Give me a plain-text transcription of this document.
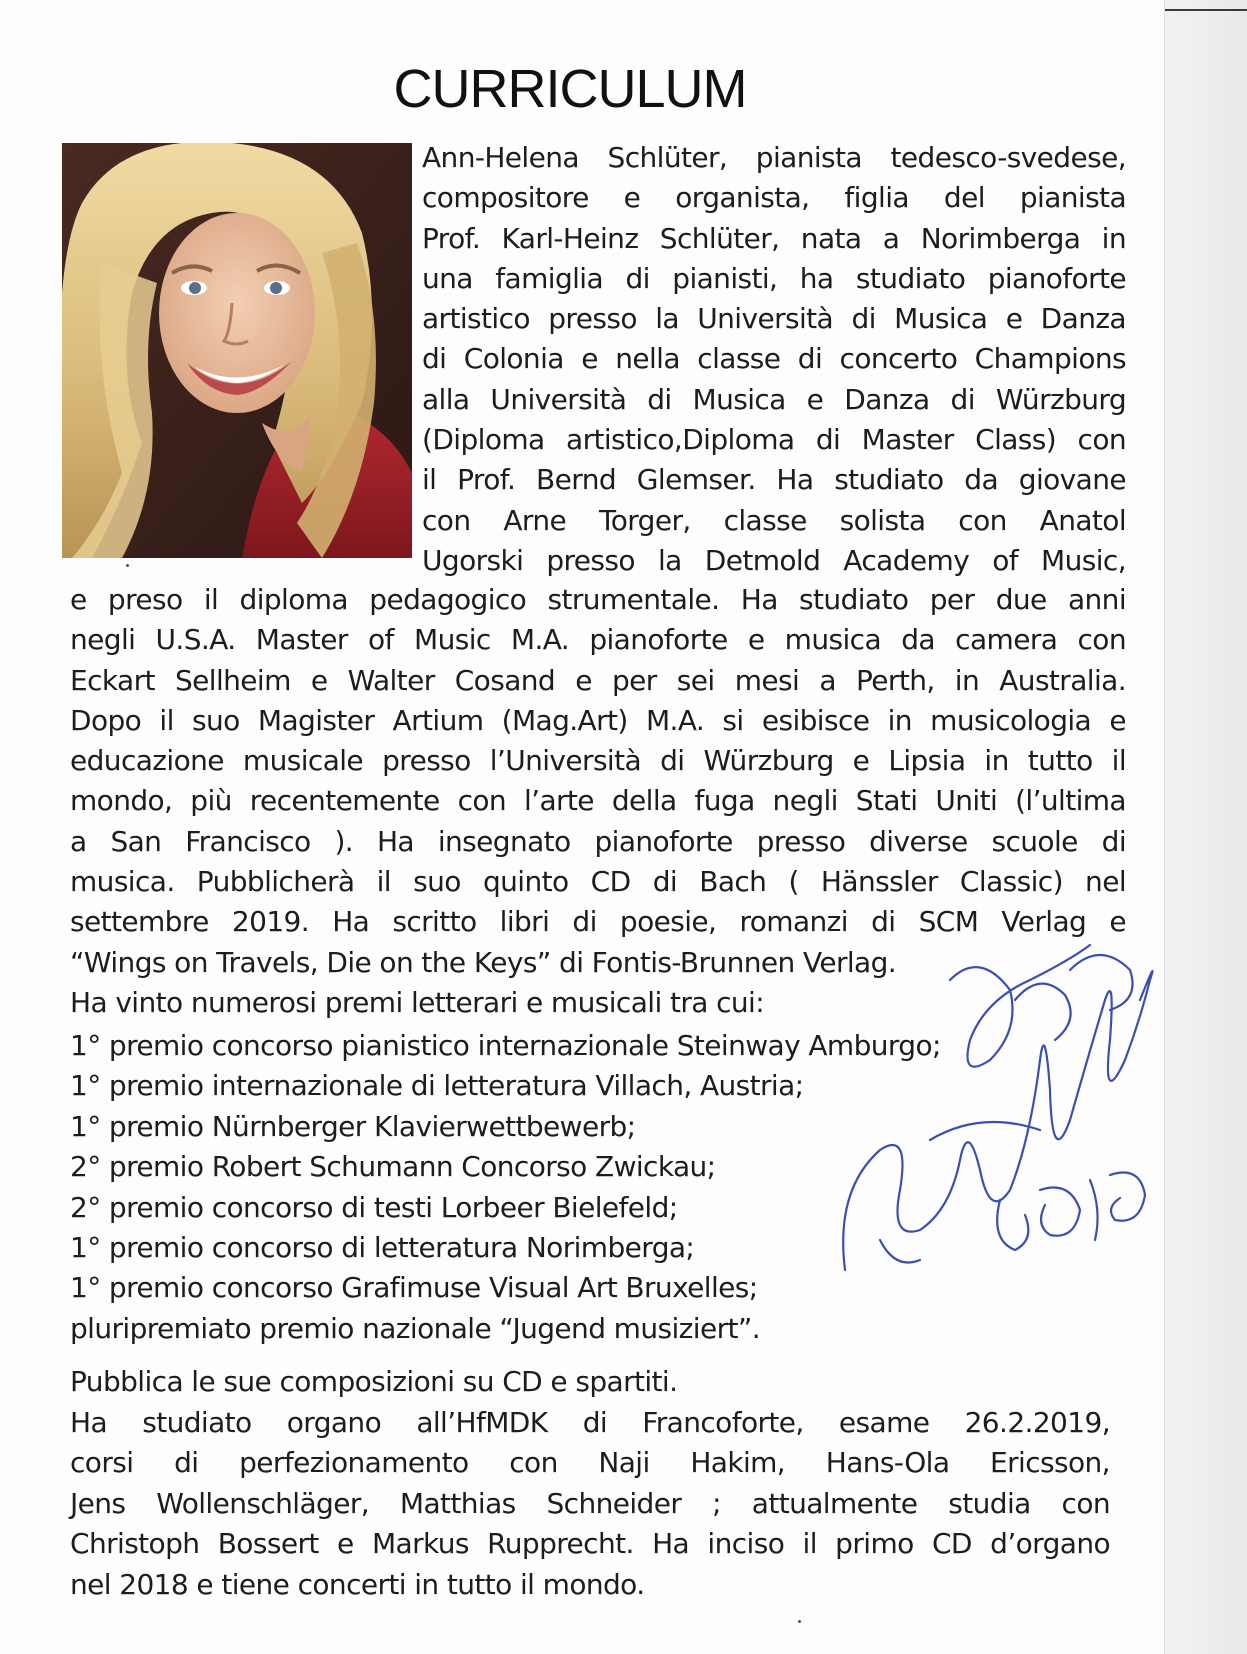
CURRICULUM
Ann-Helena Schlüter, pianista tedesco-svedese,
compositore e organista, figlia del pianista
Prof. Karl-Heinz Schlüter, nata a Norimberga in
una famiglia di pianisti, ha studiato pianoforte
artistico presso la Università di Musica e Danza
di Colonia e nella classe di concerto Champions
alla Università di Musica e Danza di Würzburg
(Diploma artistico,Diploma di Master Class) con
il Prof. Bernd Glemser. Ha studiato da giovane
con Arne Torger, classe solista con Anatol
Ugorski presso la Detmold Academy of Music,
e preso il diploma pedagogico strumentale. Ha studiato per due anni
negli U.S.A. Master of Music M.A. pianoforte e musica da camera con
Eckart Sellheim e Walter Cosand e per sei mesi a Perth, in Australia.
Dopo il suo Magister Artium (Mag.Art) M.A. si esibisce in musicologia e
educazione musicale presso l’Università di Würzburg e Lipsia in tutto il
mondo, più recentemente con l’arte della fuga negli Stati Uniti (l’ultima
a San Francisco ). Ha insegnato pianoforte presso diverse scuole di
musica. Pubblicherà il suo quinto CD di Bach ( Hänssler Classic) nel
settembre 2019. Ha scritto libri di poesie, romanzi di SCM Verlag e
“Wings on Travels, Die on the Keys” di Fontis-Brunnen Verlag.
Ha vinto numerosi premi letterari e musicali tra cui:
1° premio concorso pianistico internazionale Steinway Amburgo;
1° premio internazionale di letteratura Villach, Austria;
1° premio Nürnberger Klavierwettbewerb;
2° premio Robert Schumann Concorso Zwickau;
2° premio concorso di testi Lorbeer Bielefeld;
1° premio concorso di letteratura Norimberga;
1° premio concorso Grafimuse Visual Art Bruxelles;
pluripremiato premio nazionale “Jugend musiziert”.
Pubblica le sue composizioni su CD e spartiti.
Ha studiato organo all’HfMDK di Francoforte, esame 26.2.2019,
corsi di perfezionamento con Naji Hakim, Hans-Ola Ericsson,
Jens Wollenschläger, Matthias Schneider ; attualmente studia con
Christoph Bossert e Markus Rupprecht. Ha inciso il primo CD d’organo
nel 2018 e tiene concerti in tutto il mondo.
